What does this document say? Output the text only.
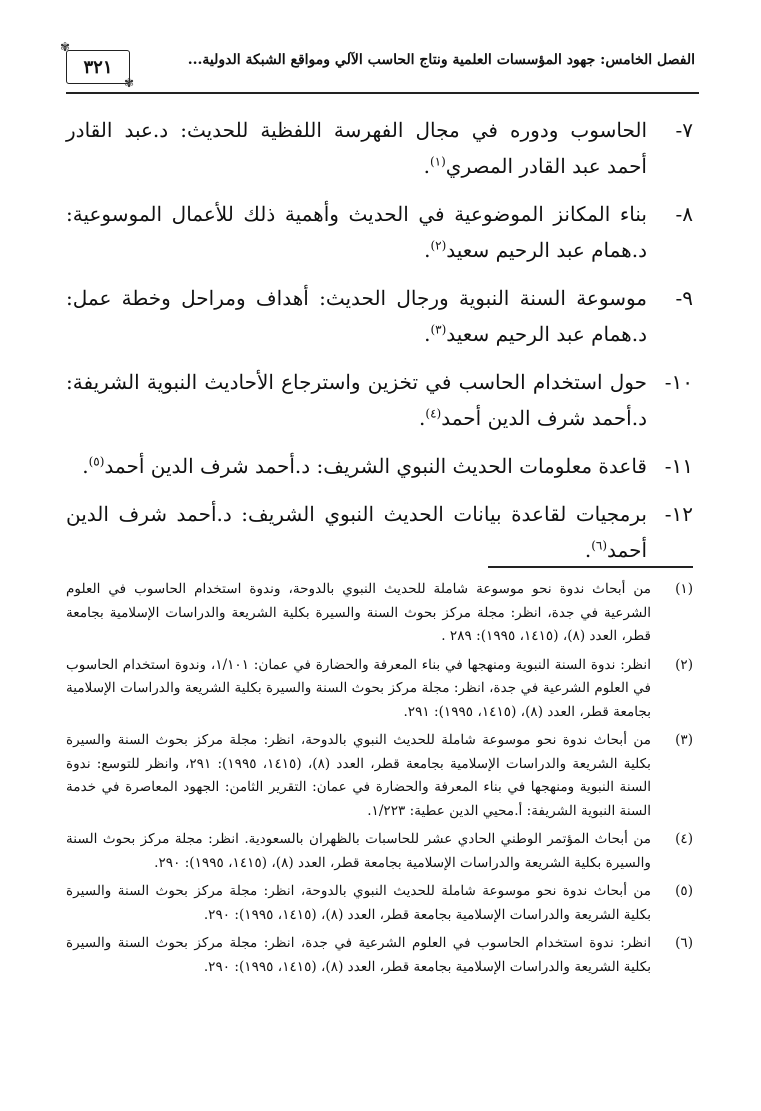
الفصل الخامس: جهود المؤسسات العلمية ونتاج الحاسب الآلي ومواقع الشبكة الدولية...
٣٢١
✾
✾
٧-
الحاسوب ودوره في مجال الفهرسة اللفظية للحديث: د.عبد القادر أحمد عبد القادر المصري$^{(١)}$.
٨-
بناء المكانز الموضوعية في الحديث وأهمية ذلك للأعمال الموسوعية: د.همام عبد الرحيم سعيد$^{(٢)}$.
٩-
موسوعة السنة النبوية ورجال الحديث: أهداف ومراحل وخطة عمل: د.همام عبد الرحيم سعيد$^{(٣)}$.
١٠-
حول استخدام الحاسب في تخزين واسترجاع الأحاديث النبوية الشريفة: د.أحمد شرف الدين أحمد$^{(٤)}$.
١١-
قاعدة معلومات الحديث النبوي الشريف: د.أحمد شرف الدين أحمد$^{(٥)}$.
١٢-
برمجيات لقاعدة بيانات الحديث النبوي الشريف: د.أحمد شرف الدين أحمد$^{(٦)}$.
(١)
من أبحاث ندوة نحو موسوعة شاملة للحديث النبوي بالدوحة، وندوة استخدام الحاسوب في العلوم الشرعية في جدة، انظر: مجلة مركز بحوث السنة والسيرة بكلية الشريعة والدراسات الإسلامية بجامعة قطر، العدد (٨)، (١٤١٥، ١٩٩٥): ٢٨٩ .
(٢)
انظر: ندوة السنة النبوية ومنهجها في بناء المعرفة والحضارة في عمان: ١/١٠١، وندوة استخدام الحاسوب في العلوم الشرعية في جدة، انظر: مجلة مركز بحوث السنة والسيرة بكلية الشريعة والدراسات الإسلامية بجامعة قطر، العدد (٨)، (١٤١٥، ١٩٩٥): ٢٩١.
(٣)
من أبحاث ندوة نحو موسوعة شاملة للحديث النبوي بالدوحة، انظر: مجلة مركز بحوث السنة والسيرة بكلية الشريعة والدراسات الإسلامية بجامعة قطر، العدد (٨)، (١٤١٥، ١٩٩٥): ٢٩١، وانظر للتوسع: ندوة السنة النبوية ومنهجها في بناء المعرفة والحضارة في عمان: التقرير الثامن: الجهود المعاصرة في خدمة السنة النبوية الشريفة: أ.محيي الدين عطية: ١/٢٢٣.
(٤)
من أبحاث المؤتمر الوطني الحادي عشر للحاسبات بالظهران بالسعودية. انظر: مجلة مركز بحوث السنة والسيرة بكلية الشريعة والدراسات الإسلامية بجامعة قطر، العدد (٨)، (١٤١٥، ١٩٩٥): ٢٩٠.
(٥)
من أبحاث ندوة نحو موسوعة شاملة للحديث النبوي بالدوحة، انظر: مجلة مركز بحوث السنة والسيرة بكلية الشريعة والدراسات الإسلامية بجامعة قطر، العدد (٨)، (١٤١٥، ١٩٩٥): ٢٩٠.
(٦)
انظر: ندوة استخدام الحاسوب في العلوم الشرعية في جدة، انظر: مجلة مركز بحوث السنة والسيرة بكلية الشريعة والدراسات الإسلامية بجامعة قطر، العدد (٨)، (١٤١٥، ١٩٩٥): ٢٩٠.
